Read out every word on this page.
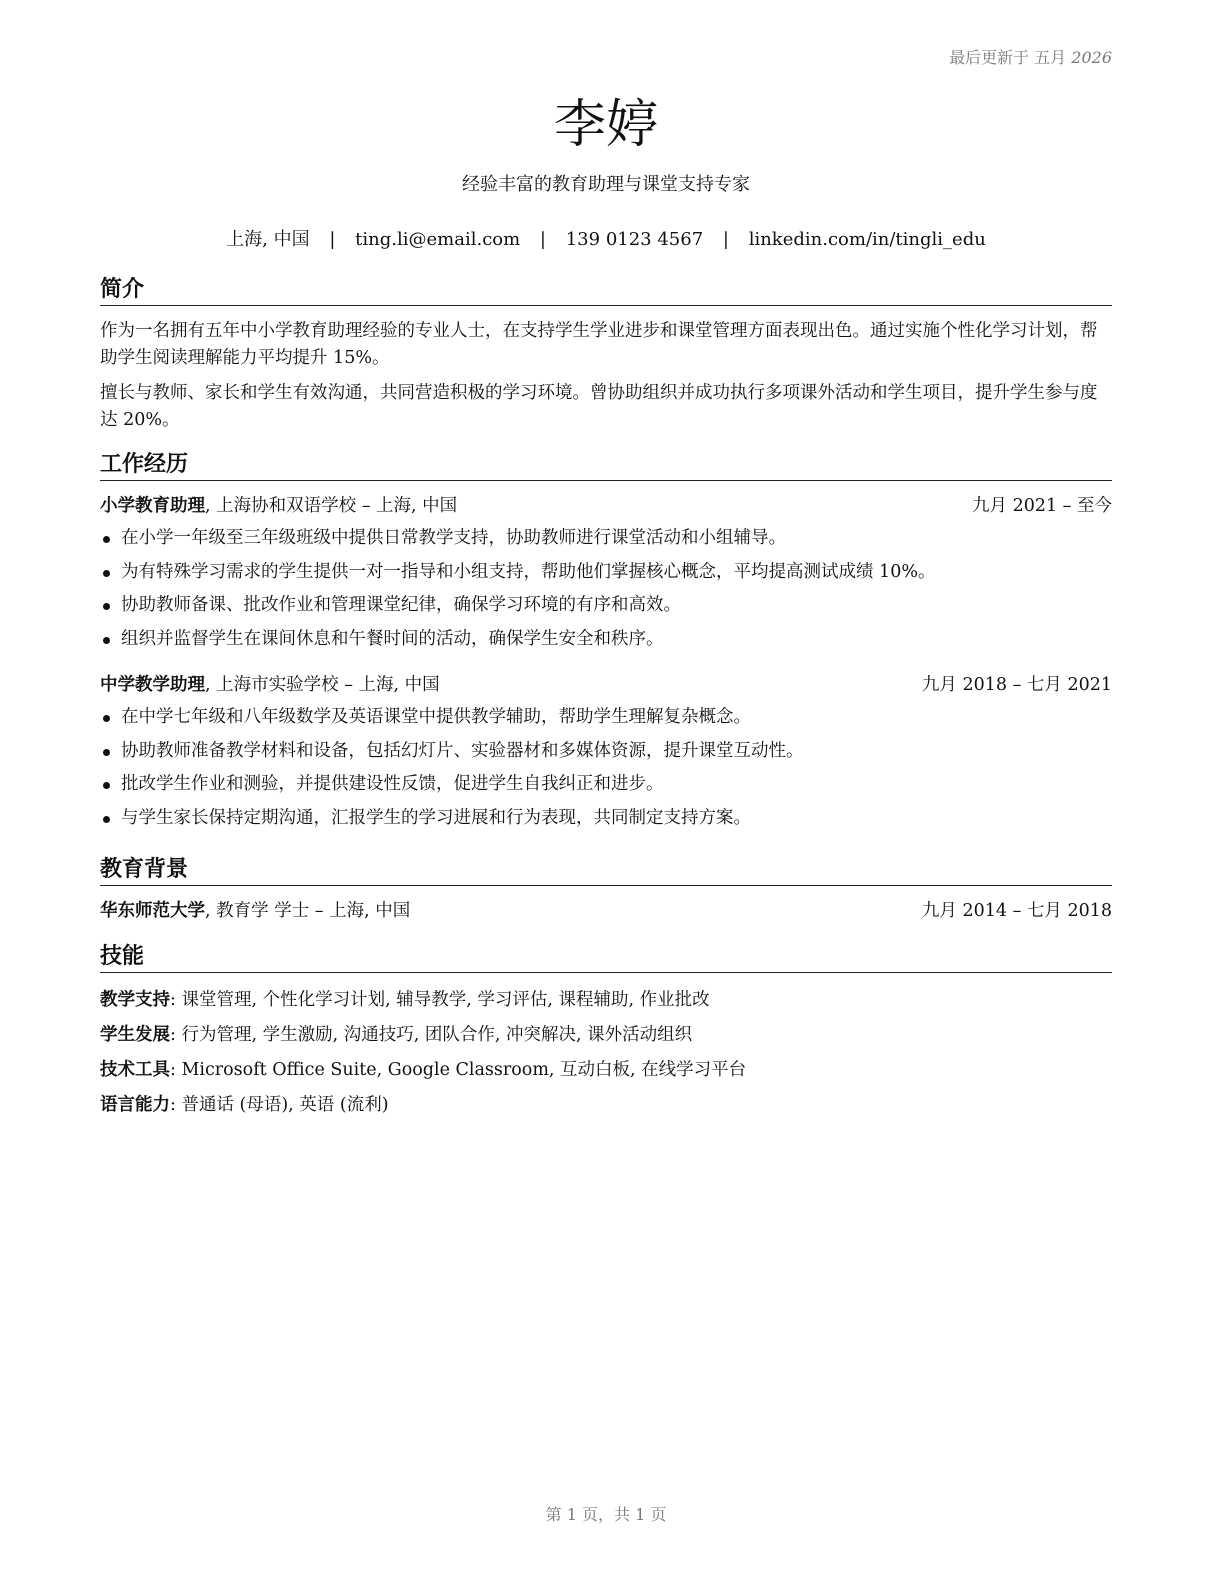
最后更新于 五月 2026
李婷
经验丰富的教育助理与课堂支持专家
上海, 中国 | ting.li@email.com | 139 0123 4567 | linkedin.com/in/tingli_edu
简介
作为一名拥有五年中小学教育助理经验的专业人士，在支持学生学业进步和课堂管理方面表现出色。通过实施个性化学习计划，帮助学生阅读理解能力平均提升 15%。
擅长与教师、家长和学生有效沟通，共同营造积极的学习环境。曾协助组织并成功执行多项课外活动和学生项目，提升学生参与度达 20%。
工作经历
小学教育助理, 上海协和双语学校 – 上海, 中国	九月 2021 – 至今
在小学一年级至三年级班级中提供日常教学支持，协助教师进行课堂活动和小组辅导。
为有特殊学习需求的学生提供一对一指导和小组支持，帮助他们掌握核心概念，平均提高测试成绩 10%。
协助教师备课、批改作业和管理课堂纪律，确保学习环境的有序和高效。
组织并监督学生在课间休息和午餐时间的活动，确保学生安全和秩序。
中学教学助理, 上海市实验学校 – 上海, 中国	九月 2018 – 七月 2021
在中学七年级和八年级数学及英语课堂中提供教学辅助，帮助学生理解复杂概念。
协助教师准备教学材料和设备，包括幻灯片、实验器材和多媒体资源，提升课堂互动性。
批改学生作业和测验，并提供建设性反馈，促进学生自我纠正和进步。
与学生家长保持定期沟通，汇报学生的学习进展和行为表现，共同制定支持方案。
教育背景
华东师范大学, 教育学 学士 – 上海, 中国	九月 2014 – 七月 2018
技能
教学支持: 课堂管理, 个性化学习计划, 辅导教学, 学习评估, 课程辅助, 作业批改
学生发展: 行为管理, 学生激励, 沟通技巧, 团队合作, 冲突解决, 课外活动组织
技术工具: Microsoft Office Suite, Google Classroom, 互动白板, 在线学习平台
语言能力: 普通话 (母语), 英语 (流利)
第 1 页，共 1 页
